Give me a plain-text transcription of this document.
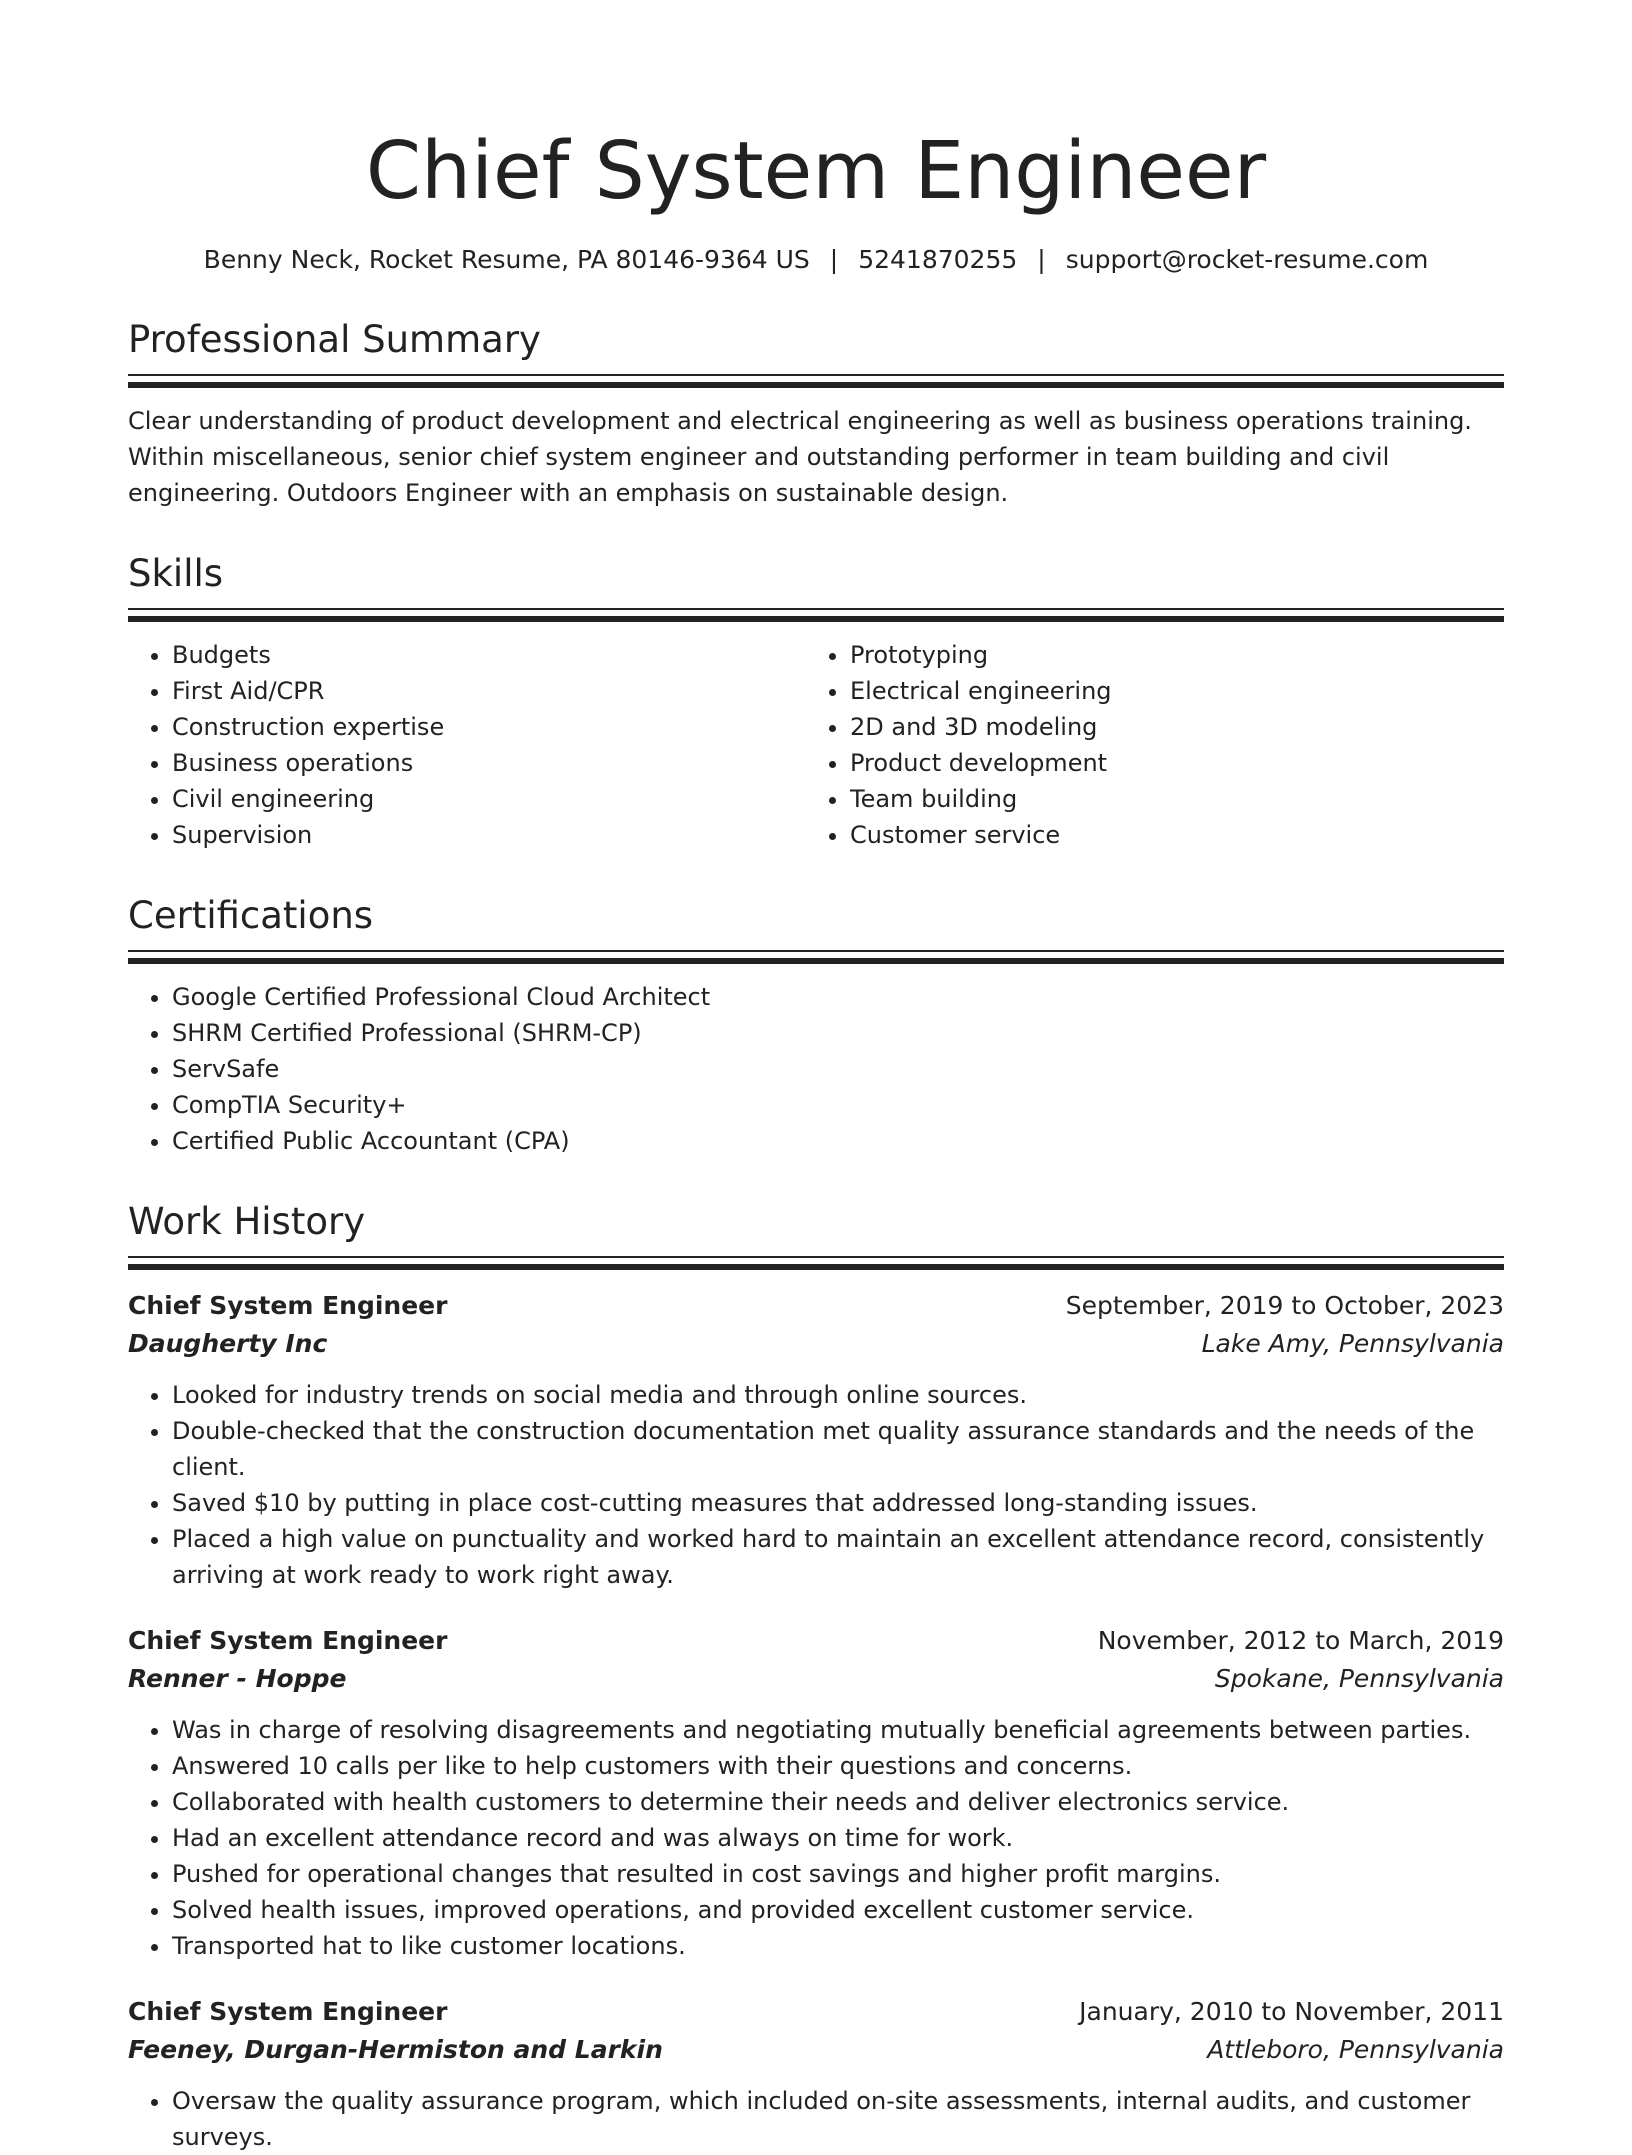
Chief System Engineer
Benny Neck, Rocket Resume, PA 80146-9364 US | 5241870255 | support@rocket-resume.com
Professional Summary
Clear understanding of product development and electrical engineering as well as business operations training. Within miscellaneous, senior chief system engineer and outstanding performer in team building and civil engineering. Outdoors Engineer with an emphasis on sustainable design.
Skills
• Budgets
• First Aid/CPR
• Construction expertise
• Business operations
• Civil engineering
• Supervision
• Prototyping
• Electrical engineering
• 2D and 3D modeling
• Product development
• Team building
• Customer service
Certifications
• Google Certified Professional Cloud Architect
• SHRM Certified Professional (SHRM-CP)
• ServSafe
• CompTIA Security+
• Certified Public Accountant (CPA)
Work History
Chief System Engineer	September, 2019 to October, 2023
Daugherty Inc	Lake Amy, Pennsylvania
• Looked for industry trends on social media and through online sources.
• Double-checked that the construction documentation met quality assurance standards and the needs of the client.
• Saved $10 by putting in place cost-cutting measures that addressed long-standing issues.
• Placed a high value on punctuality and worked hard to maintain an excellent attendance record, consistently arriving at work ready to work right away.
Chief System Engineer	November, 2012 to March, 2019
Renner - Hoppe	Spokane, Pennsylvania
• Was in charge of resolving disagreements and negotiating mutually beneficial agreements between parties.
• Answered 10 calls per like to help customers with their questions and concerns.
• Collaborated with health customers to determine their needs and deliver electronics service.
• Had an excellent attendance record and was always on time for work.
• Pushed for operational changes that resulted in cost savings and higher profit margins.
• Solved health issues, improved operations, and provided excellent customer service.
• Transported hat to like customer locations.
Chief System Engineer	January, 2010 to November, 2011
Feeney, Durgan-Hermiston and Larkin	Attleboro, Pennsylvania
• Oversaw the quality assurance program, which included on-site assessments, internal audits, and customer surveys.
